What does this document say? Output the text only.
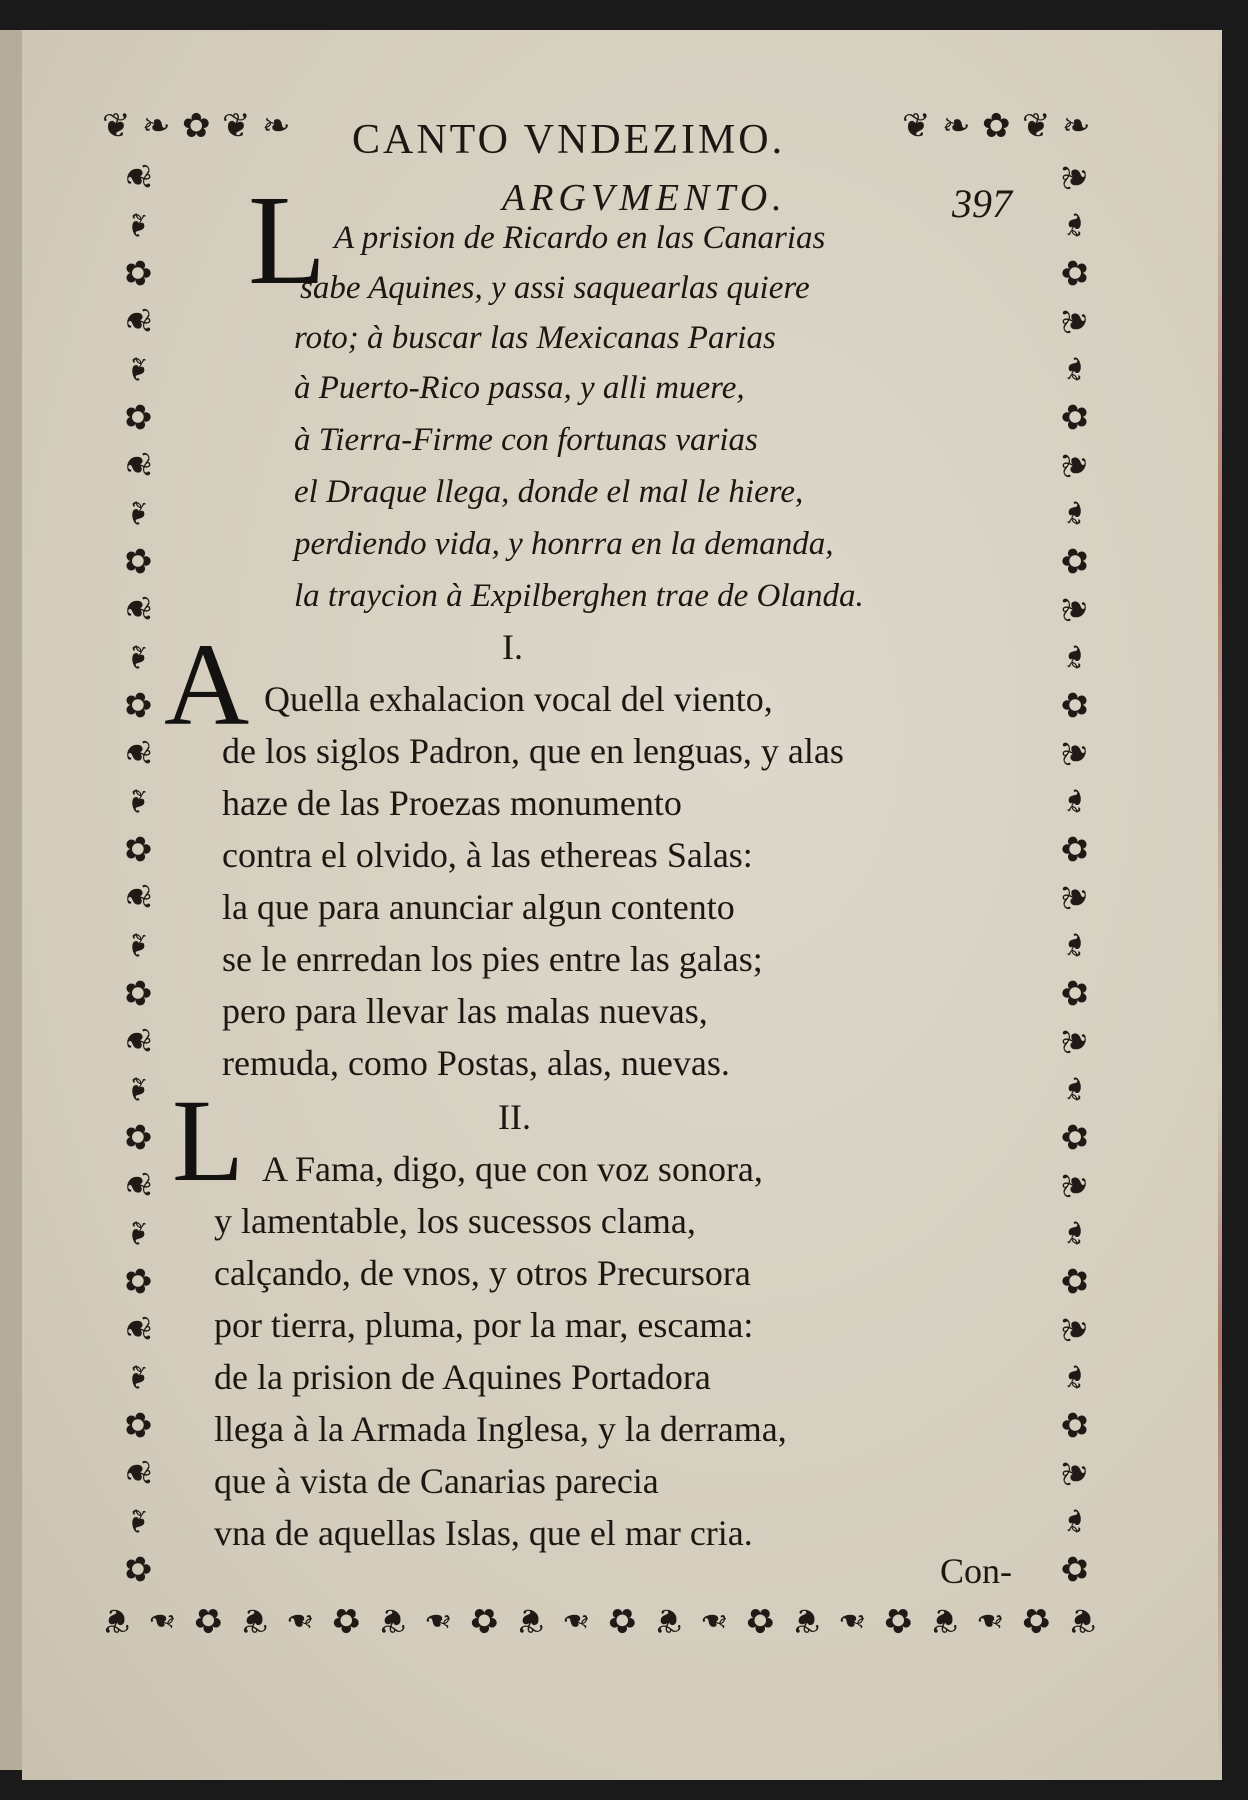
❦ ❧ ✿ ❦ ❧	❦ ❧ ✿ ❦ ❧
❦
❧
✿
❦
❧
✿
❦
❧
✿
❦
❧
✿
❦
❧
✿
❦
❧
✿
❦
❧
✿
❦
❧
✿
❦
❧
✿
❦
❧
✿
❦
❧
✿
❦
❧
✿
❦
❧
✿
❦
❧
✿
❦
❧
✿
❦
❧
✿
❦
❧
✿
❦
❧
✿
❦
❧
✿
❦
❧
✿
❦ ❧ ✿ ❦ ❧ ✿ ❦ ❧ ✿ ❦ ❧ ✿ ❦ ❧ ✿ ❦ ❧ ✿ ❦ ❧ ✿ ❦
CANTO VNDEZIMO.
ARGVMENTO.	397
L A prision de Ricardo en las Canarias
sabe Aquines, y assi saquearlas quiere
roto; à buscar las Mexicanas Parias
à Puerto-Rico passa, y alli muere,
à Tierra-Firme con fortunas varias
el Draque llega, donde el mal le hiere,
perdiendo vida, y honrra en la demanda,
la traycion à Expilberghen trae de Olanda.
I.
A Quella exhalacion vocal del viento,
de los siglos Padron, que en lenguas, y alas
haze de las Proezas monumento
contra el olvido, à las ethereas Salas:
la que para anunciar algun contento
se le enrredan los pies entre las galas;
pero para llevar las malas nuevas,
remuda, como Postas, alas, nuevas.
II.
L A Fama, digo, que con voz sonora,
y lamentable, los sucessos clama,
calçando, de vnos, y otros Precursora
por tierra, pluma, por la mar, escama:
de la prision de Aquines Portadora
llega à la Armada Inglesa, y la derrama,
que à vista de Canarias parecia
vna de aquellas Islas, que el mar cria.
Con-
